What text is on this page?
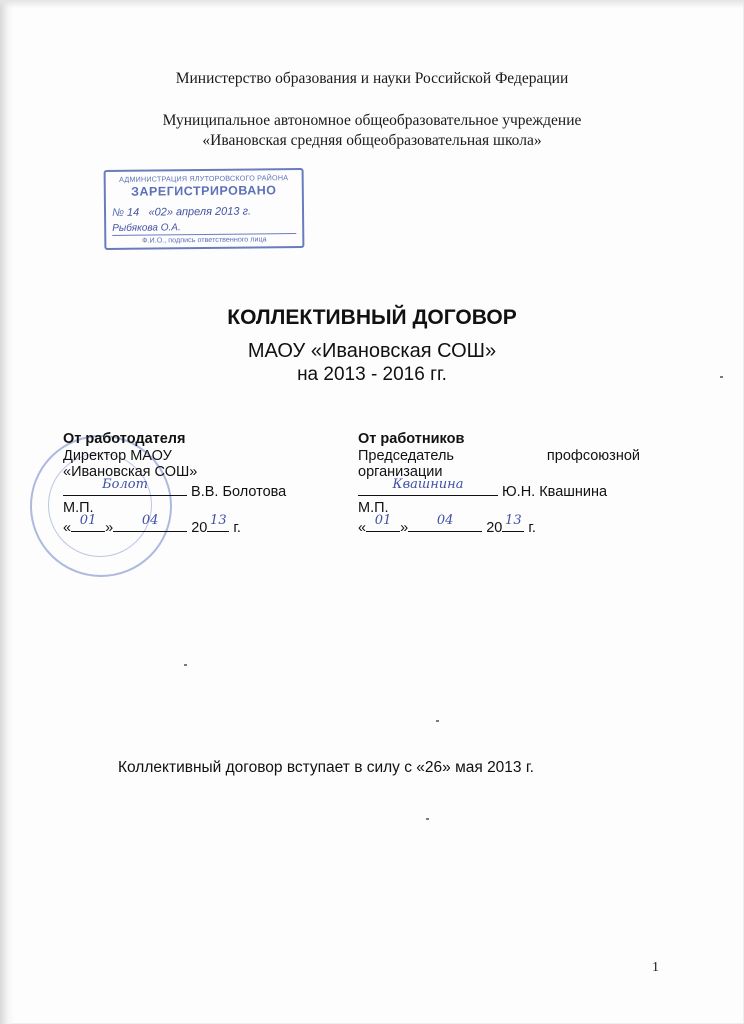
Министерство образования и науки Российской Федерации
Муниципальное автономное общеобразовательное учреждение
«Ивановская средняя общеобразовательная школа»
АДМИНИСТРАЦИЯ ЯЛУТОРОВСКОГО РАЙОНА
ЗАРЕГИСТРИРОВАНО
№ 14 «02» апреля 2013 г.
Рыбякова О.А.
Ф.И.О., подпись ответственного лица
КОЛЛЕКТИВНЫЙ ДОГОВОР
МАОУ «Ивановская СОШ»
на 2013 - 2016 гг.
От работодателя
Директор МАОУ
«Ивановская СОШ»
Болот	В.В. Болотова
М.П.
« 01 »	04	20 13 г.
От работников
Председатель	профсоюзной
организации
Квашнина	Ю.Н. Квашнина
М.П.
« 01 »	04	20 13 г.
Коллективный договор вступает в силу с «26» мая 2013 г.
1
